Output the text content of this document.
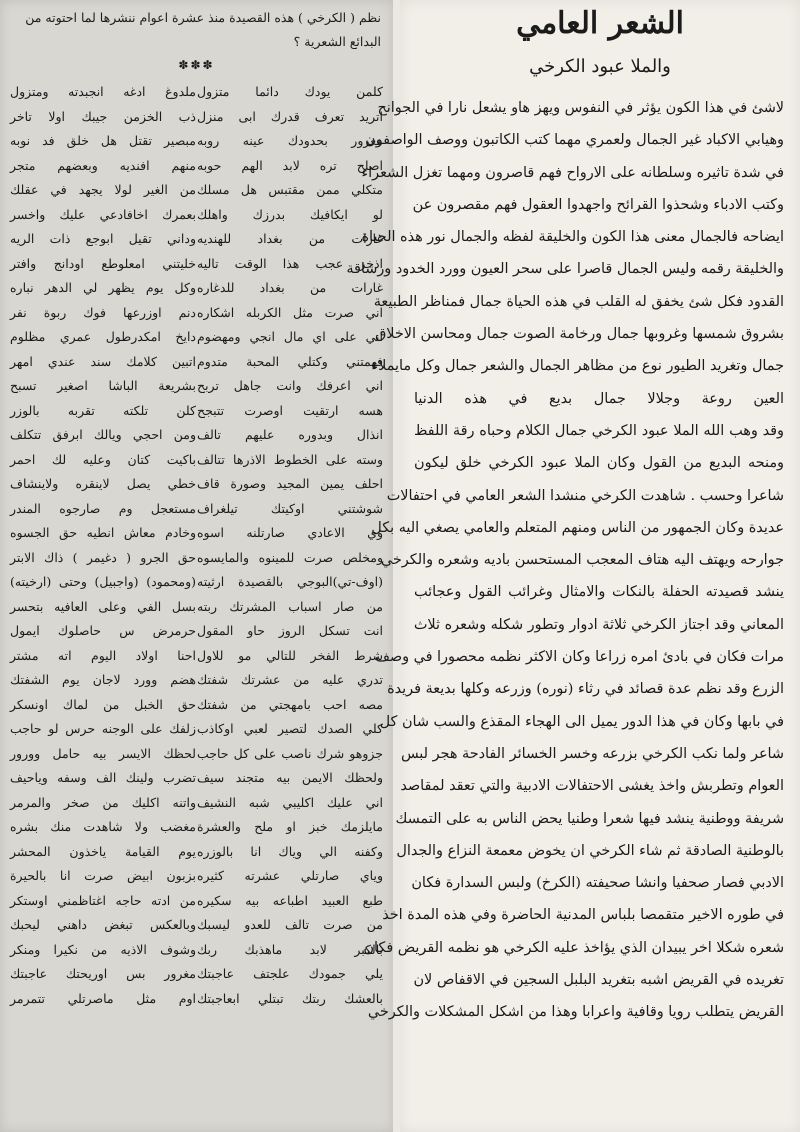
نظم ( الكرخي ) هذه القصيدة منذ عشرة اعوام ننشرها لما احتوته من البدائع الشعرية ؟
✽✽✽
كلمن يودك دائما متزول
ملدوغ ادغه انجبدته ومتزول
اتريد تعرف قدرك ابى منزل
ذب الخزمن جيبك اولا تاخر
مغرور بحدودك عينه روبه
مبصير تقتل هل خلق فد نوبه
اصلح تره لابد الهم حوبه
منهم افنديه وبعضهم متجر
متكلي ممن مقتبس هل مسلك
من الغير لولا يجهد في عقلك
لو ايكافيك بدرزك واهلك
بعمرك اخافادعي عليك واخسر
غارات من بغداد للهنديه
وداني تقيل ابوجع ذات الريه
اذخر عجب هذا الوقت تاليه
خليتني امعلوطع اودانج وافتر
غارات من بغداد للدغاره
وكل يوم يظهر لي الدهر نباره
اني صرت مثل الكربله اشكاره
دنم اوزرعها فوك ربوة نفر
اني على اي مال انجي ومهضوم
دايخ امكدرطول عمري مظلوم
فهمتني وكتلي المحبة متدوم
اتبين كلامك سند عندي امهر
اني اعرفك وانت جاهل تربح
بشريعة الباشا اصغير تسبح
هسه ارتقيت اوصرت تتبجح
كلن تلكته تقربه بالوزر
انذال وبدوره عليهم تالف
ومن احجي ويالك ابرفق تتكلف
وسته على الخطوط الاذرها تتالف
باكيت كتان وعليه لك احمر
احلف يمين المجيد وصورة قاف
خطي يصل لاينقره ولاينشاف
شوشتني اوكيتك تيلغراف
مستعجل وم صارجوه المندر
وي الاعادي صارتلنه اسوه
وخادم معاش انطيه حق الجسوه
ومخلص صرت للمينوه والمايسوه
حق الجرو ( دغيمر ) ذاك الابتر
(اوف-تي)البوجي بالقصيدة ارثيته
(ومحمود) (واجبيل) وحتى (ارخيته)
من صار اسباب المشرتك ربته
بسل الفي وعلى العافيه بتحسر
انت تسكل الروز حاو المقول
حرمرض س حاصلوك ايمول
شرط الفخر للتالي مو للاول
احنا اولاد اليوم اته مشتر
تدري عليه من عشرتك شفتك
هضم وورد لاجان يوم الشفتك
مصه احب بامهجتي من شفتك
حق الخبل من لماك اونسكر
كلي الصدك لتصير لعبي اوكاذب
زلفك على الوجنه حرس لو حاجب
جزوهو شرك ناصب على كل حاجب
لحظك الايسر بيه حامل وورور
ولحظك الايمن بيه متجند سيف
تضرب ولينك الف وسفه وياحيف
اني عليك اكليبي شبه النشيف
واتنه اكليك من صخر والمرمر
مايلزمك خبز او ملح والعشرة
مغضب ولا شاهدت منك بشره
وكفنه الي وياك انا بالوزره
يوم القيامة ياخذون المحشر
وياي صارتلي عشرته كثيره
بزبون ابيض صرت انا بالحيرة
طبع العبيد اطباعه بيه سكيره
من ادته حاجه اغتاظمني اوستكر
من صرت تالف للعدو ليسبك
وبالعكس تبغض داهني ليحبك
بالكبر لابد ماهذبك ربك
وشوف الاذيه من نكيرا ومنكر
يلي جمودك علجتف عاجبتك
مغرور بس اوريحتك عاجبتك
بالعشك ربتك تبتلي ابعاجبتك
اوم مثل ماصرتلي تتمرمر
الشعر العامي
والملا عبود الكرخي
لاشئ في هذا الكون يؤثر في النفوس ويهز هاو يشعل نارا في الجوانح
وهيابي الاكباد غير الجمال ولعمري مهما كتب الكاتبون ووصف الواصفون
في شدة تاثيره وسلطانه على الارواح فهم قاصرون ومهما تغزل الشعراء
وكتب الادباء وشحذوا القرائح واجهدوا العقول فهم مقصرون عن
ايضاحه فالجمال معنى هذا الكون والخليقة لفظه والجمال نور هذه الحياة
والخليقة رقمه وليس الجمال قاصرا على سحر العيون وورد الخدود ورشاقة
القدود فكل شئ يخفق له القلب في هذه الحياة جمال فمناظر الطبيعة
بشروق شمسها وغروبها جمال ورخامة الصوت جمال ومحاسن الاخلاق
جمال وتغريد الطيور نوع من مظاهر الجمال والشعر جمال وكل مايملاء
العين روعة وجلالا جمال بديع في هذه الدنيا
وقد وهب الله الملا عبود الكرخي جمال الكلام وحباه رقة اللفظ
ومنحه البديع من القول وكان الملا عبود الكرخي خلق ليكون
شاعرا وحسب . شاهدت الكرخي منشدا الشعر العامي في احتفالات
عديدة وكان الجمهور من الناس ومنهم المتعلم والعامي يصغي اليه بكل
جوارحه ويهتف اليه هتاف المعجب المستحسن باديه وشعره والكرخي
ينشد قصيدته الحفلة بالنكات والامثال وغرائب القول وعجائب
المعاني وقد اجتاز الكرخي ثلاثة ادوار وتطور شكله وشعره ثلاث
مرات فكان في بادئ امره زراعا وكان الاكثر نظمه محصورا في وصف
الزرع وقد نظم عدة قصائد في رثاء (نوره) وزرعه وكلها بديعة فريدة
في بابها وكان في هذا الدور يميل الى الهجاء المقذع والسب شان كل
شاعر ولما نكب الكرخي بزرعه وخسر الخسائر الفادحة هجر لبس
العوام وتطربش واخذ يغشى الاحتفالات الادبية والتي تعقد لمقاصد
شريفة ووطنية ينشد فيها شعرا وطنيا يحض الناس به على التمسك
بالوطنية الصادقة ثم شاء الكرخي ان يخوض معمعة النزاع والجدال
الادبي فصار صحفيا وانشا صحيفته (الكرخ) ولبس السدارة فكان
في طوره الاخير متقمصا بلباس المدنية الحاضرة وفي هذه المدة اخذ
شعره شكلا اخر يبيدان الذي يؤاخذ عليه الكرخي هو نظمه القريض فكان
تغريده في القريض اشبه بتغريد البلبل السجين في الاقفاص لان
القريض يتطلب رويا وقافية واعرابا وهذا من اشكل المشكلات والكرخي
